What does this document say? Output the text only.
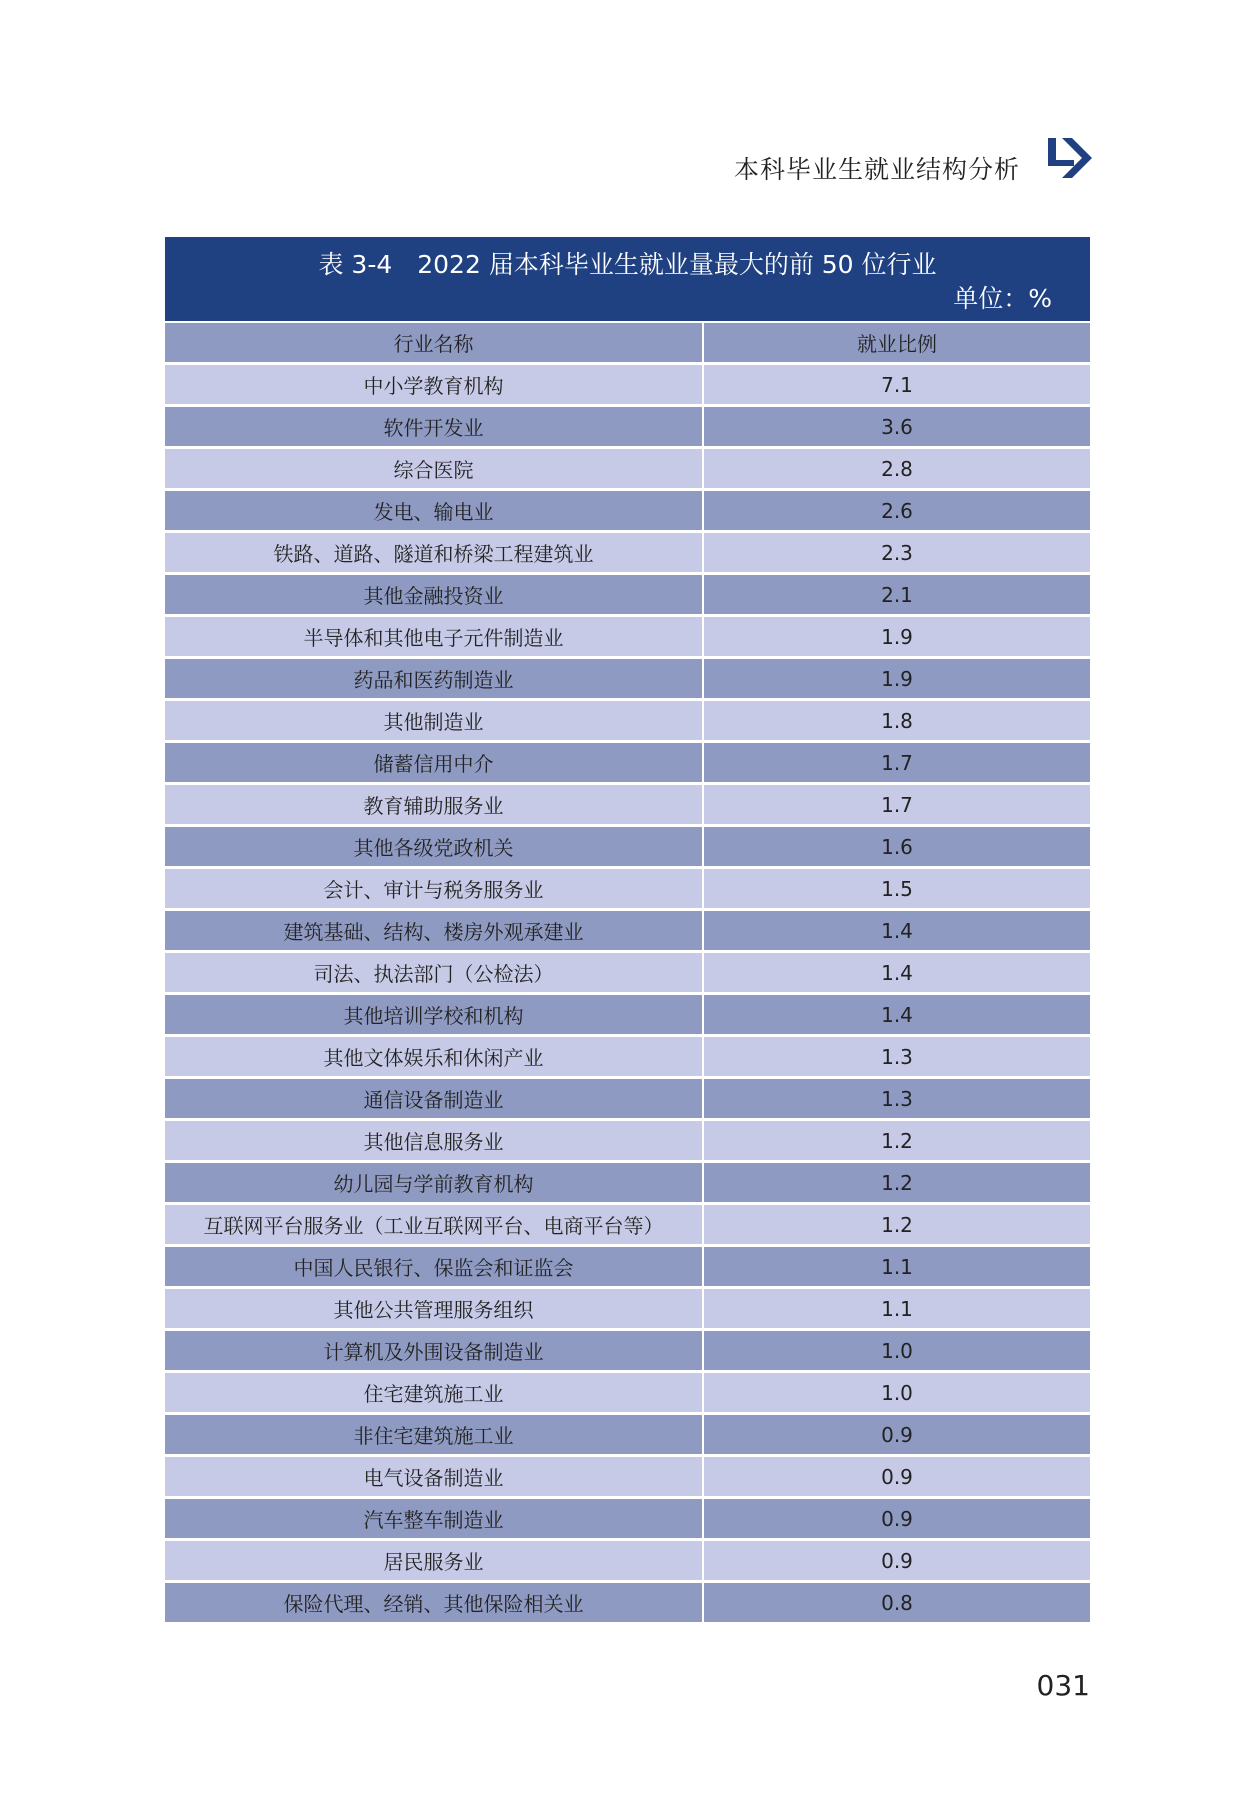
本科毕业生就业结构分析
表 3-4　2022 届本科毕业生就业量最大的前 50 位行业
单位：%
行业名称	就业比例
中小学教育机构	7.1
软件开发业	3.6
综合医院	2.8
发电、输电业	2.6
铁路、道路、隧道和桥梁工程建筑业	2.3
其他金融投资业	2.1
半导体和其他电子元件制造业	1.9
药品和医药制造业	1.9
其他制造业	1.8
储蓄信用中介	1.7
教育辅助服务业	1.7
其他各级党政机关	1.6
会计、审计与税务服务业	1.5
建筑基础、结构、楼房外观承建业	1.4
司法、执法部门（公检法）	1.4
其他培训学校和机构	1.4
其他文体娱乐和休闲产业	1.3
通信设备制造业	1.3
其他信息服务业	1.2
幼儿园与学前教育机构	1.2
互联网平台服务业（工业互联网平台、电商平台等）	1.2
中国人民银行、保监会和证监会	1.1
其他公共管理服务组织	1.1
计算机及外围设备制造业	1.0
住宅建筑施工业	1.0
非住宅建筑施工业	0.9
电气设备制造业	0.9
汽车整车制造业	0.9
居民服务业	0.9
保险代理、经销、其他保险相关业	0.8
031
